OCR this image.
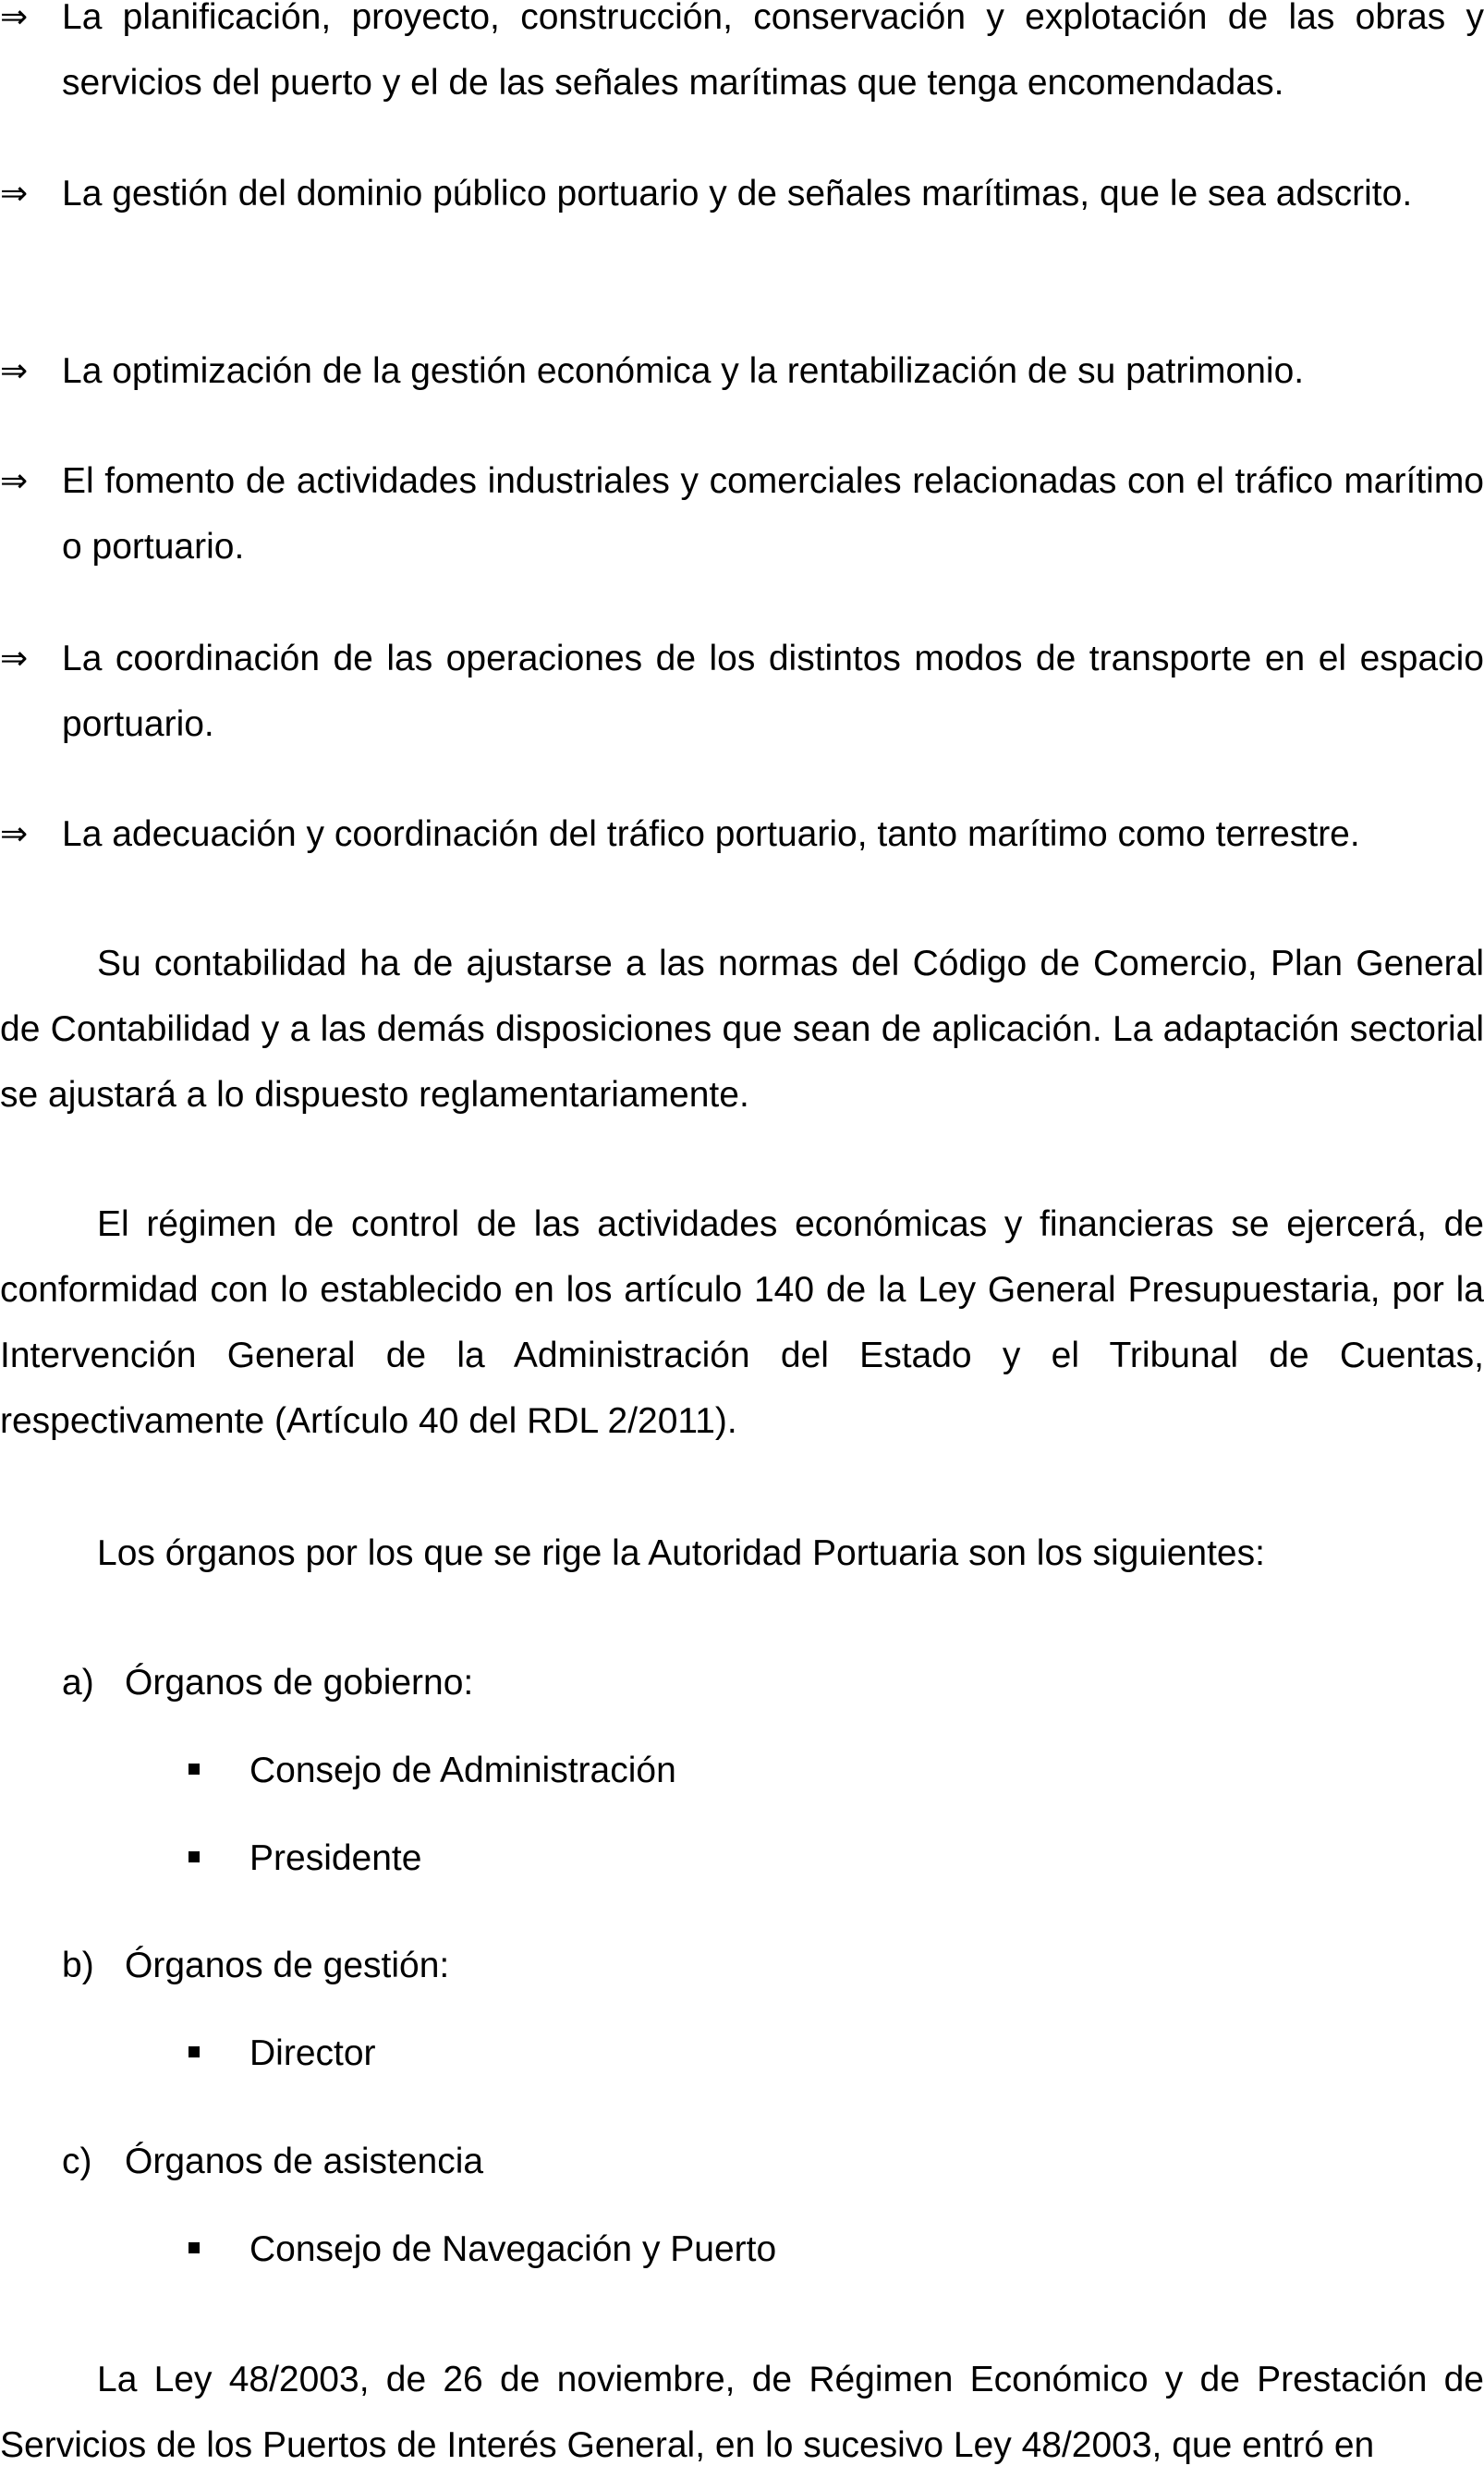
⇒ La planificación, proyecto, construcción, conservación y explotación de las obras y servicios del puerto y el de las señales marítimas que tenga encomendadas.
⇒ La gestión del dominio público portuario y de señales marítimas, que le sea adscrito.
⇒ La optimización de la gestión económica y la rentabilización de su patrimonio.
⇒ El fomento de actividades industriales y comerciales relacionadas con el tráfico marítimo o portuario.
⇒ La coordinación de las operaciones de los distintos modos de transporte en el espacio portuario.
⇒ La adecuación y coordinación del tráfico portuario, tanto marítimo como terrestre.

Su contabilidad ha de ajustarse a las normas del Código de Comercio, Plan General de Contabilidad y a las demás disposiciones que sean de aplicación. La adaptación sectorial se ajustará a lo dispuesto reglamentariamente.

El régimen de control de las actividades económicas y financieras se ejercerá, de conformidad con lo establecido en los artículo 140 de la Ley General Presupuestaria, por la Intervención General de la Administración del Estado y el Tribunal de Cuentas, respectivamente (Artículo 40 del RDL 2/2011).

Los órganos por los que se rige la Autoridad Portuaria son los siguientes:

a) Órganos de gobierno:
Consejo de Administración
Presidente
b) Órganos de gestión:
Director
c) Órganos de asistencia
Consejo de Navegación y Puerto

La Ley 48/2003, de 26 de noviembre, de Régimen Económico y de Prestación de Servicios de los Puertos de Interés General, en lo sucesivo Ley 48/2003, que entró en
